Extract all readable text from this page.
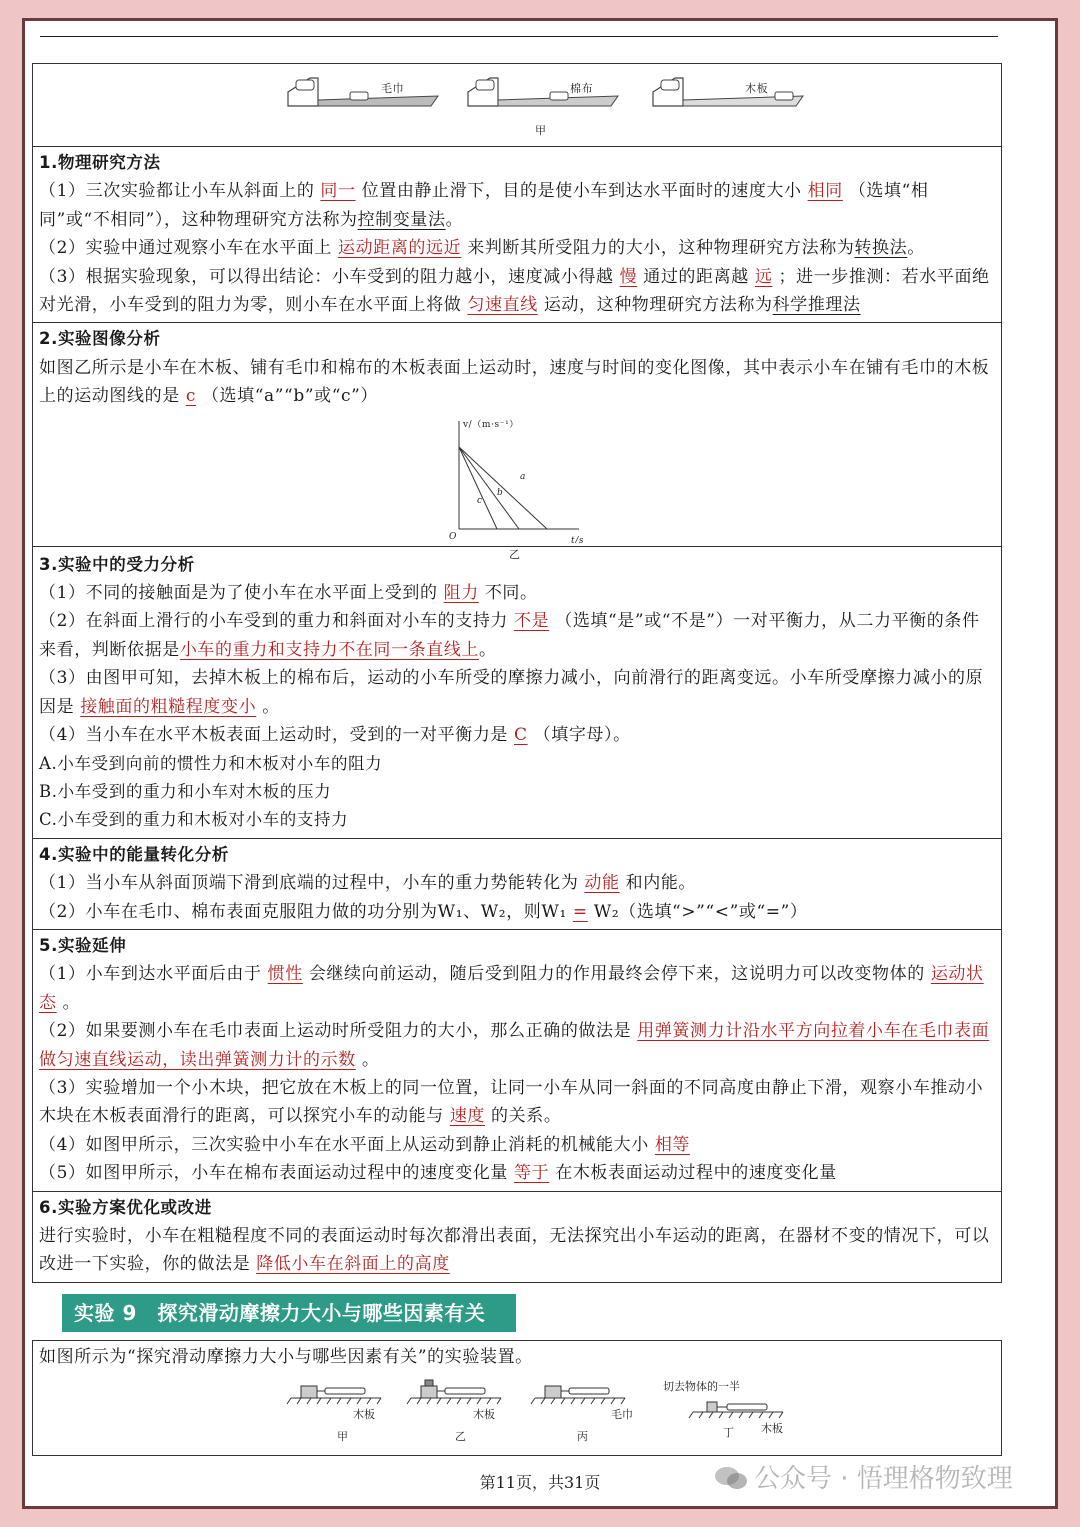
毛巾	棉布	木板
甲
1.物理研究方法
（1）三次实验都让小车从斜面上的 同一 位置由静止滑下，目的是使小车到达水平面时的速度大小 相同 （选填“相同”或“不相同”），这种物理研究方法称为控制变量法。
（2）实验中通过观察小车在水平面上 运动距离的远近 来判断其所受阻力的大小，这种物理研究方法称为转换法。
（3）根据实验现象，可以得出结论：小车受到的阻力越小，速度减小得越 慢 通过的距离越 远 ；进一步推测：若水平面绝对光滑，小车受到的阻力为零，则小车在水平面上将做 匀速直线 运动，这种物理研究方法称为科学推理法
2.实验图像分析
如图乙所示是小车在木板、铺有毛巾和棉布的木板表面上运动时，速度与时间的变化图像，其中表示小车在铺有毛巾的木板上的运动图线的是 c （选填“a”“b”或“c”）
v/（m·s⁻¹）
t/s
O
a
b
c
乙
3.实验中的受力分析
（1）不同的接触面是为了使小车在水平面上受到的 阻力 不同。
（2）在斜面上滑行的小车受到的重力和斜面对小车的支持力 不是 （选填“是”或“不是”）一对平衡力，从二力平衡的条件来看，判断依据是小车的重力和支持力不在同一条直线上。
（3）由图甲可知，去掉木板上的棉布后，运动的小车所受的摩擦力减小，向前滑行的距离变远。小车所受摩擦力减小的原因是 接触面的粗糙程度变小 。
（4）当小车在水平木板表面上运动时，受到的一对平衡力是 C （填字母）。
A.小车受到向前的惯性力和木板对小车的阻力
B.小车受到的重力和小车对木板的压力
C.小车受到的重力和木板对小车的支持力
4.实验中的能量转化分析
（1）当小车从斜面顶端下滑到底端的过程中，小车的重力势能转化为 动能 和内能。
（2）小车在毛巾、棉布表面克服阻力做的功分别为W₁、W₂，则W₁ = W₂（选填“>”“<”或“=”）
5.实验延伸
（1）小车到达水平面后由于 惯性 会继续向前运动，随后受到阻力的作用最终会停下来，这说明力可以改变物体的 运动状态 。
（2）如果要测小车在毛巾表面上运动时所受阻力的大小，那么正确的做法是 用弹簧测力计沿水平方向拉着小车在毛巾表面做匀速直线运动，读出弹簧测力计的示数 。
（3）实验增加一个小木块，把它放在木板上的同一位置，让同一小车从同一斜面的不同高度由静止下滑，观察小车推动小木块在木板表面滑行的距离，可以探究小车的动能与 速度 的关系。
（4）如图甲所示，三次实验中小车在水平面上从运动到静止消耗的机械能大小 相等
（5）如图甲所示，小车在棉布表面运动过程中的速度变化量 等于 在木板表面运动过程中的速度变化量
6.实验方案优化或改进
进行实验时，小车在粗糙程度不同的表面运动时每次都滑出表面，无法探究出小车运动的距离，在器材不变的情况下，可以改进一下实验，你的做法是 降低小车在斜面上的高度
实验 9　探究滑动摩擦力大小与哪些因素有关
如图所示为“探究滑动摩擦力大小与哪些因素有关”的实验装置。
木板
甲
木板
乙
毛巾
丙
切去物体的一半
木板
丁
第11页，共31页	公众号 · 悟理格物致理
